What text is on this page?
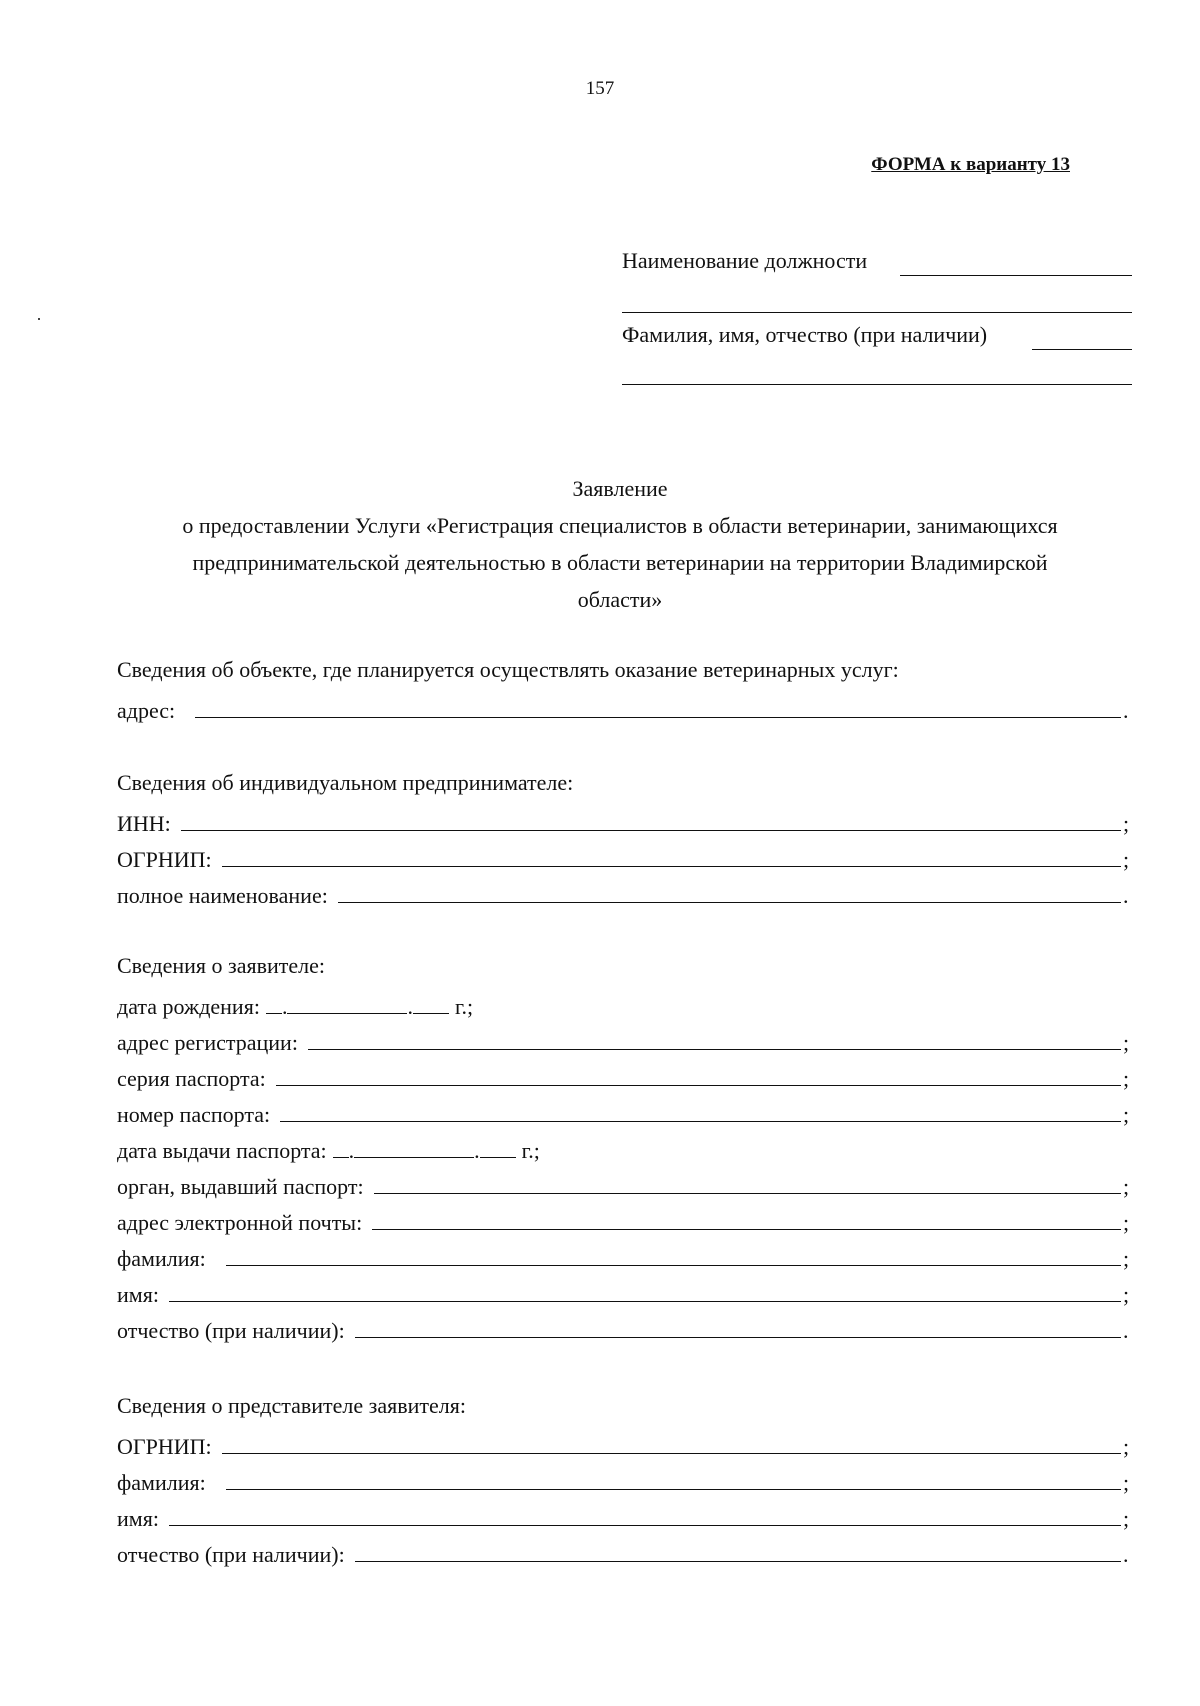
157
ФОРМА к варианту 13
Наименование должности
Фамилия, имя, отчество (при наличии)
Заявление
о предоставлении Услуги «Регистрация специалистов в области ветеринарии, занимающихся
предпринимательской деятельностью в области ветеринарии на территории Владимирской
области»
Сведения об объекте, где планируется осуществлять оказание ветеринарных услуг:
адрес:	.
Сведения об индивидуальном предпринимателе:
ИНН:	;
ОГРНИП:	;
полное наименование:	.
Сведения о заявителе:
дата рождения: .	. г.;
адрес регистрации:	;
серия паспорта:	;
номер паспорта:	;
дата выдачи паспорта: .	. г.;
орган, выдавший паспорт:	;
адрес электронной почты:	;
фамилия:	;
имя:	;
отчество (при наличии):	.
Сведения о представителе заявителя:
ОГРНИП:	;
фамилия:	;
имя:	;
отчество (при наличии):	.
